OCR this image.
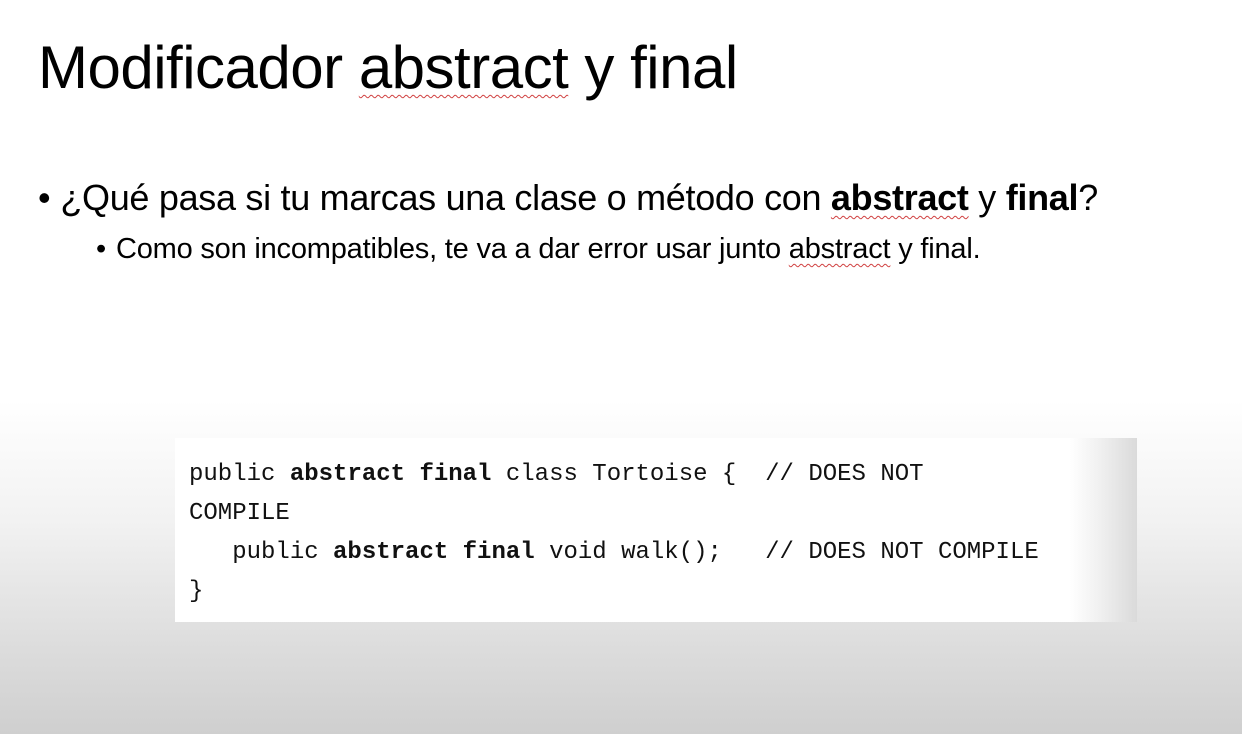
Modificador abstract y final

• ¿Qué pasa si tu marcas una clase o método con abstract y final?

• Como son incompatibles, te va a dar error usar junto abstract y final.

public abstract final class Tortoise {  // DOES NOT
COMPILE
public abstract final void walk();   // DOES NOT COMPILE
}
